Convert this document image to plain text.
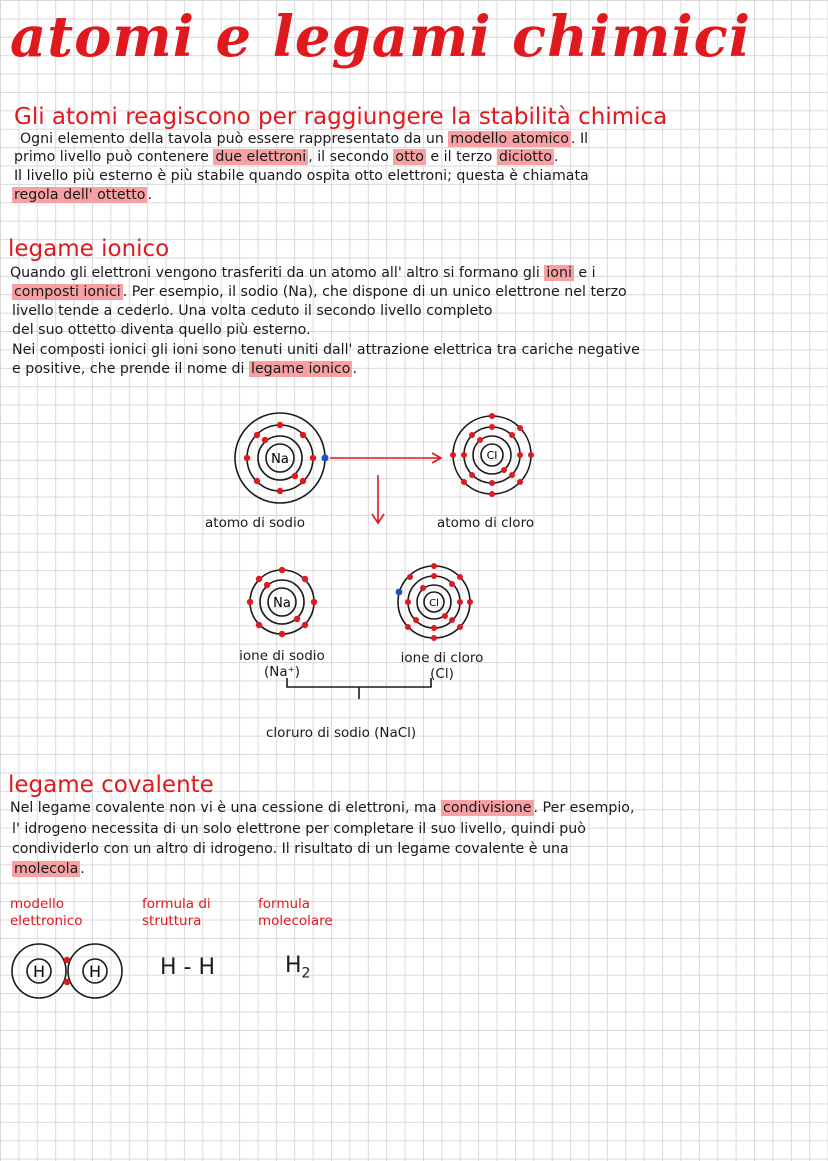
atomi e legami chimici
Gli atomi reagiscono per raggiungere la stabilità chimica
Ogni elemento della tavola può essere rappresentato da un modello atomico . Il
primo livello può contenere due elettroni , il secondo otto e il terzo diciotto .
Il livello più esterno è più stabile quando ospita otto elettroni; questa è chiamata
regola dell' ottetto .
legame ionico
Quando gli elettroni vengono trasferiti da un atomo all' altro si formano gli ioni e i
composti ionici . Per esempio, il sodio (Na), che dispone di un unico elettrone nel terzo
livello tende a cederlo. Una volta ceduto il secondo livello completo
del suo ottetto diventa quello più esterno.
Nei composti ionici gli ioni sono tenuti uniti dall' attrazione elettrica tra cariche negative
e positive, che prende il nome di legame ionico .
Na	Cl
Na	Cl
atomo di sodio	atomo di cloro
ione di sodio
(Na⁺)
ione di cloro
(Cl)
cloruro di sodio (NaCl)
legame covalente
Nel legame covalente non vi è una cessione di elettroni, ma condivisione . Per esempio,
l' idrogeno necessita di un solo elettrone per completare il suo livello, quindi può
condividerlo con un altro di idrogeno. Il risultato di un legame covalente è una
molecola .
modello
elettronico
formula di
struttura
formula
molecolare
H	H	H - H	$H_2$
